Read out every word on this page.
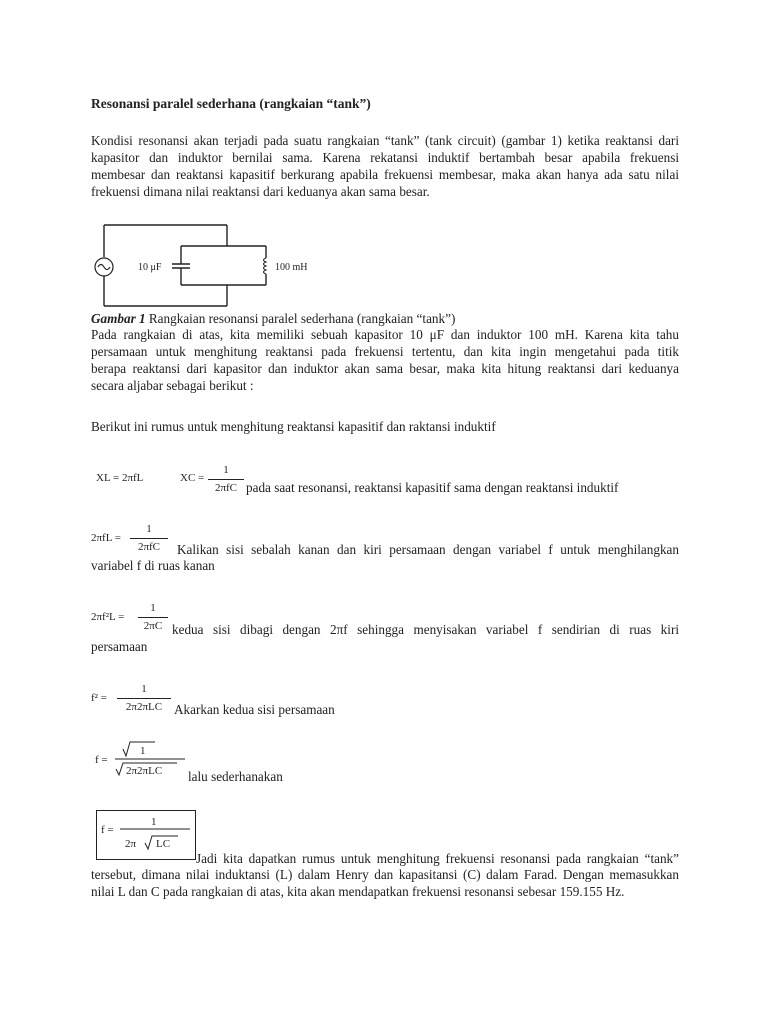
Resonansi paralel sederhana (rangkaian “tank”)
Kondisi resonansi akan terjadi pada suatu rangkaian “tank” (tank circuit) (gambar 1) ketika reaktansi dari
kapasitor dan induktor bernilai sama. Karena rekatansi induktif bertambah besar apabila frekuensi
membesar dan reaktansi kapasitif berkurang apabila frekuensi membesar, maka akan hanya ada satu nilai
frekuensi dimana nilai reaktansi dari keduanya akan sama besar.
10 μF	100 mH
Gambar 1 Rangkaian resonansi paralel sederhana (rangkaian “tank”)
Pada rangkaian di atas, kita memiliki sebuah kapasitor 10 μF dan induktor 100 mH. Karena kita tahu
persamaan untuk menghitung reaktansi pada frekuensi tertentu, dan kita ingin mengetahui pada titik
berapa reaktansi dari kapasitor dan induktor akan sama besar, maka kita hitung reaktansi dari keduanya
secara aljabar sebagai berikut :
Berikut ini rumus untuk menghitung reaktansi kapasitif dan raktansi induktif
XL = 2πfL	XC =
1
2πfC pada saat resonansi, reaktansi kapasitif sama dengan reaktansi induktif
2πfL =
1
2πfC	Kalikan sisi sebalah kanan dan kiri persamaan dengan variabel f untuk menghilangkan
variabel f di ruas kanan
2πf²L =
1
2πC kedua sisi dibagi dengan 2πf sehingga menyisakan variabel f sendirian di ruas kiri
persamaan
f² =
1
2π2πLC Akarkan kedua sisi persamaan
f =
1
2π2πLC lalu sederhanakan
f =
1
2π LC
Jadi kita dapatkan rumus untuk menghitung frekuensi resonansi pada rangkaian “tank”
tersebut, dimana nilai induktansi (L) dalam Henry dan kapasitansi (C) dalam Farad. Dengan memasukkan
nilai L dan C pada rangkaian di atas, kita akan mendapatkan frekuensi resonansi sebesar 159.155 Hz.
